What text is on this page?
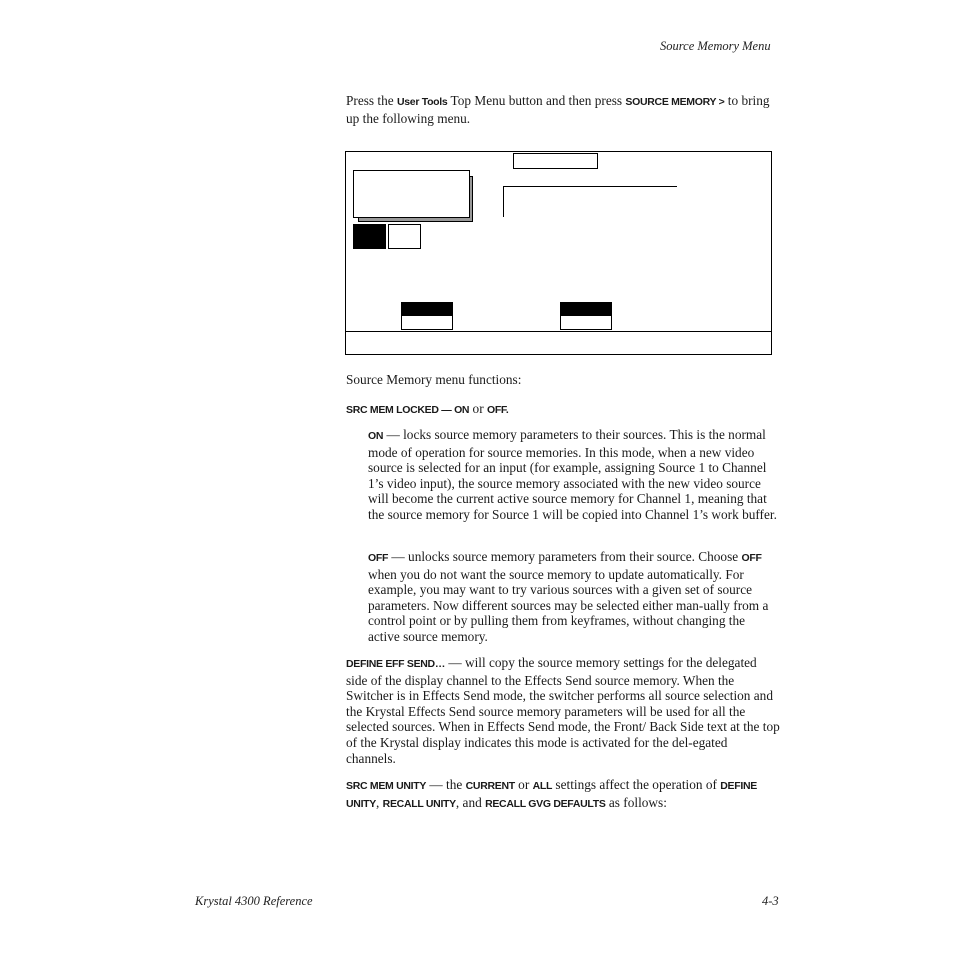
Source Memory Menu

Press the User Tools Top Menu button and then press SOURCE MEMORY > to bring up the following menu.

Source Memory menu functions:

SRC MEM LOCKED — ON or OFF.

ON — locks source memory parameters to their sources. This is the normal mode of operation for source memories. In this mode, when a new video source is selected for an input (for example, assigning Source 1 to Channel 1’s video input), the source memory associated with the new video source will become the current active source memory for Channel 1, meaning that the source memory for Source 1 will be copied into Channel 1’s work buffer.

OFF — unlocks source memory parameters from their source. Choose OFF when you do not want the source memory to update automatically. For example, you may want to try various sources with a given set of source parameters. Now different sources may be selected either man-ually from a control point or by pulling them from keyframes, without changing the active source memory.

DEFINE EFF SEND… — will copy the source memory settings for the delegated side of the display channel to the Effects Send source memory. When the Switcher is in Effects Send mode, the switcher performs all source selection and the Krystal Effects Send source memory parameters will be used for all the selected sources. When in Effects Send mode, the Front/ Back Side text at the top of the Krystal display indicates this mode is activated for the del-egated channels.

SRC MEM UNITY — the CURRENT or ALL settings affect the operation of DEFINE UNITY, RECALL UNITY, and RECALL GVG DEFAULTS as follows:

Krystal 4300 Reference	4-3
